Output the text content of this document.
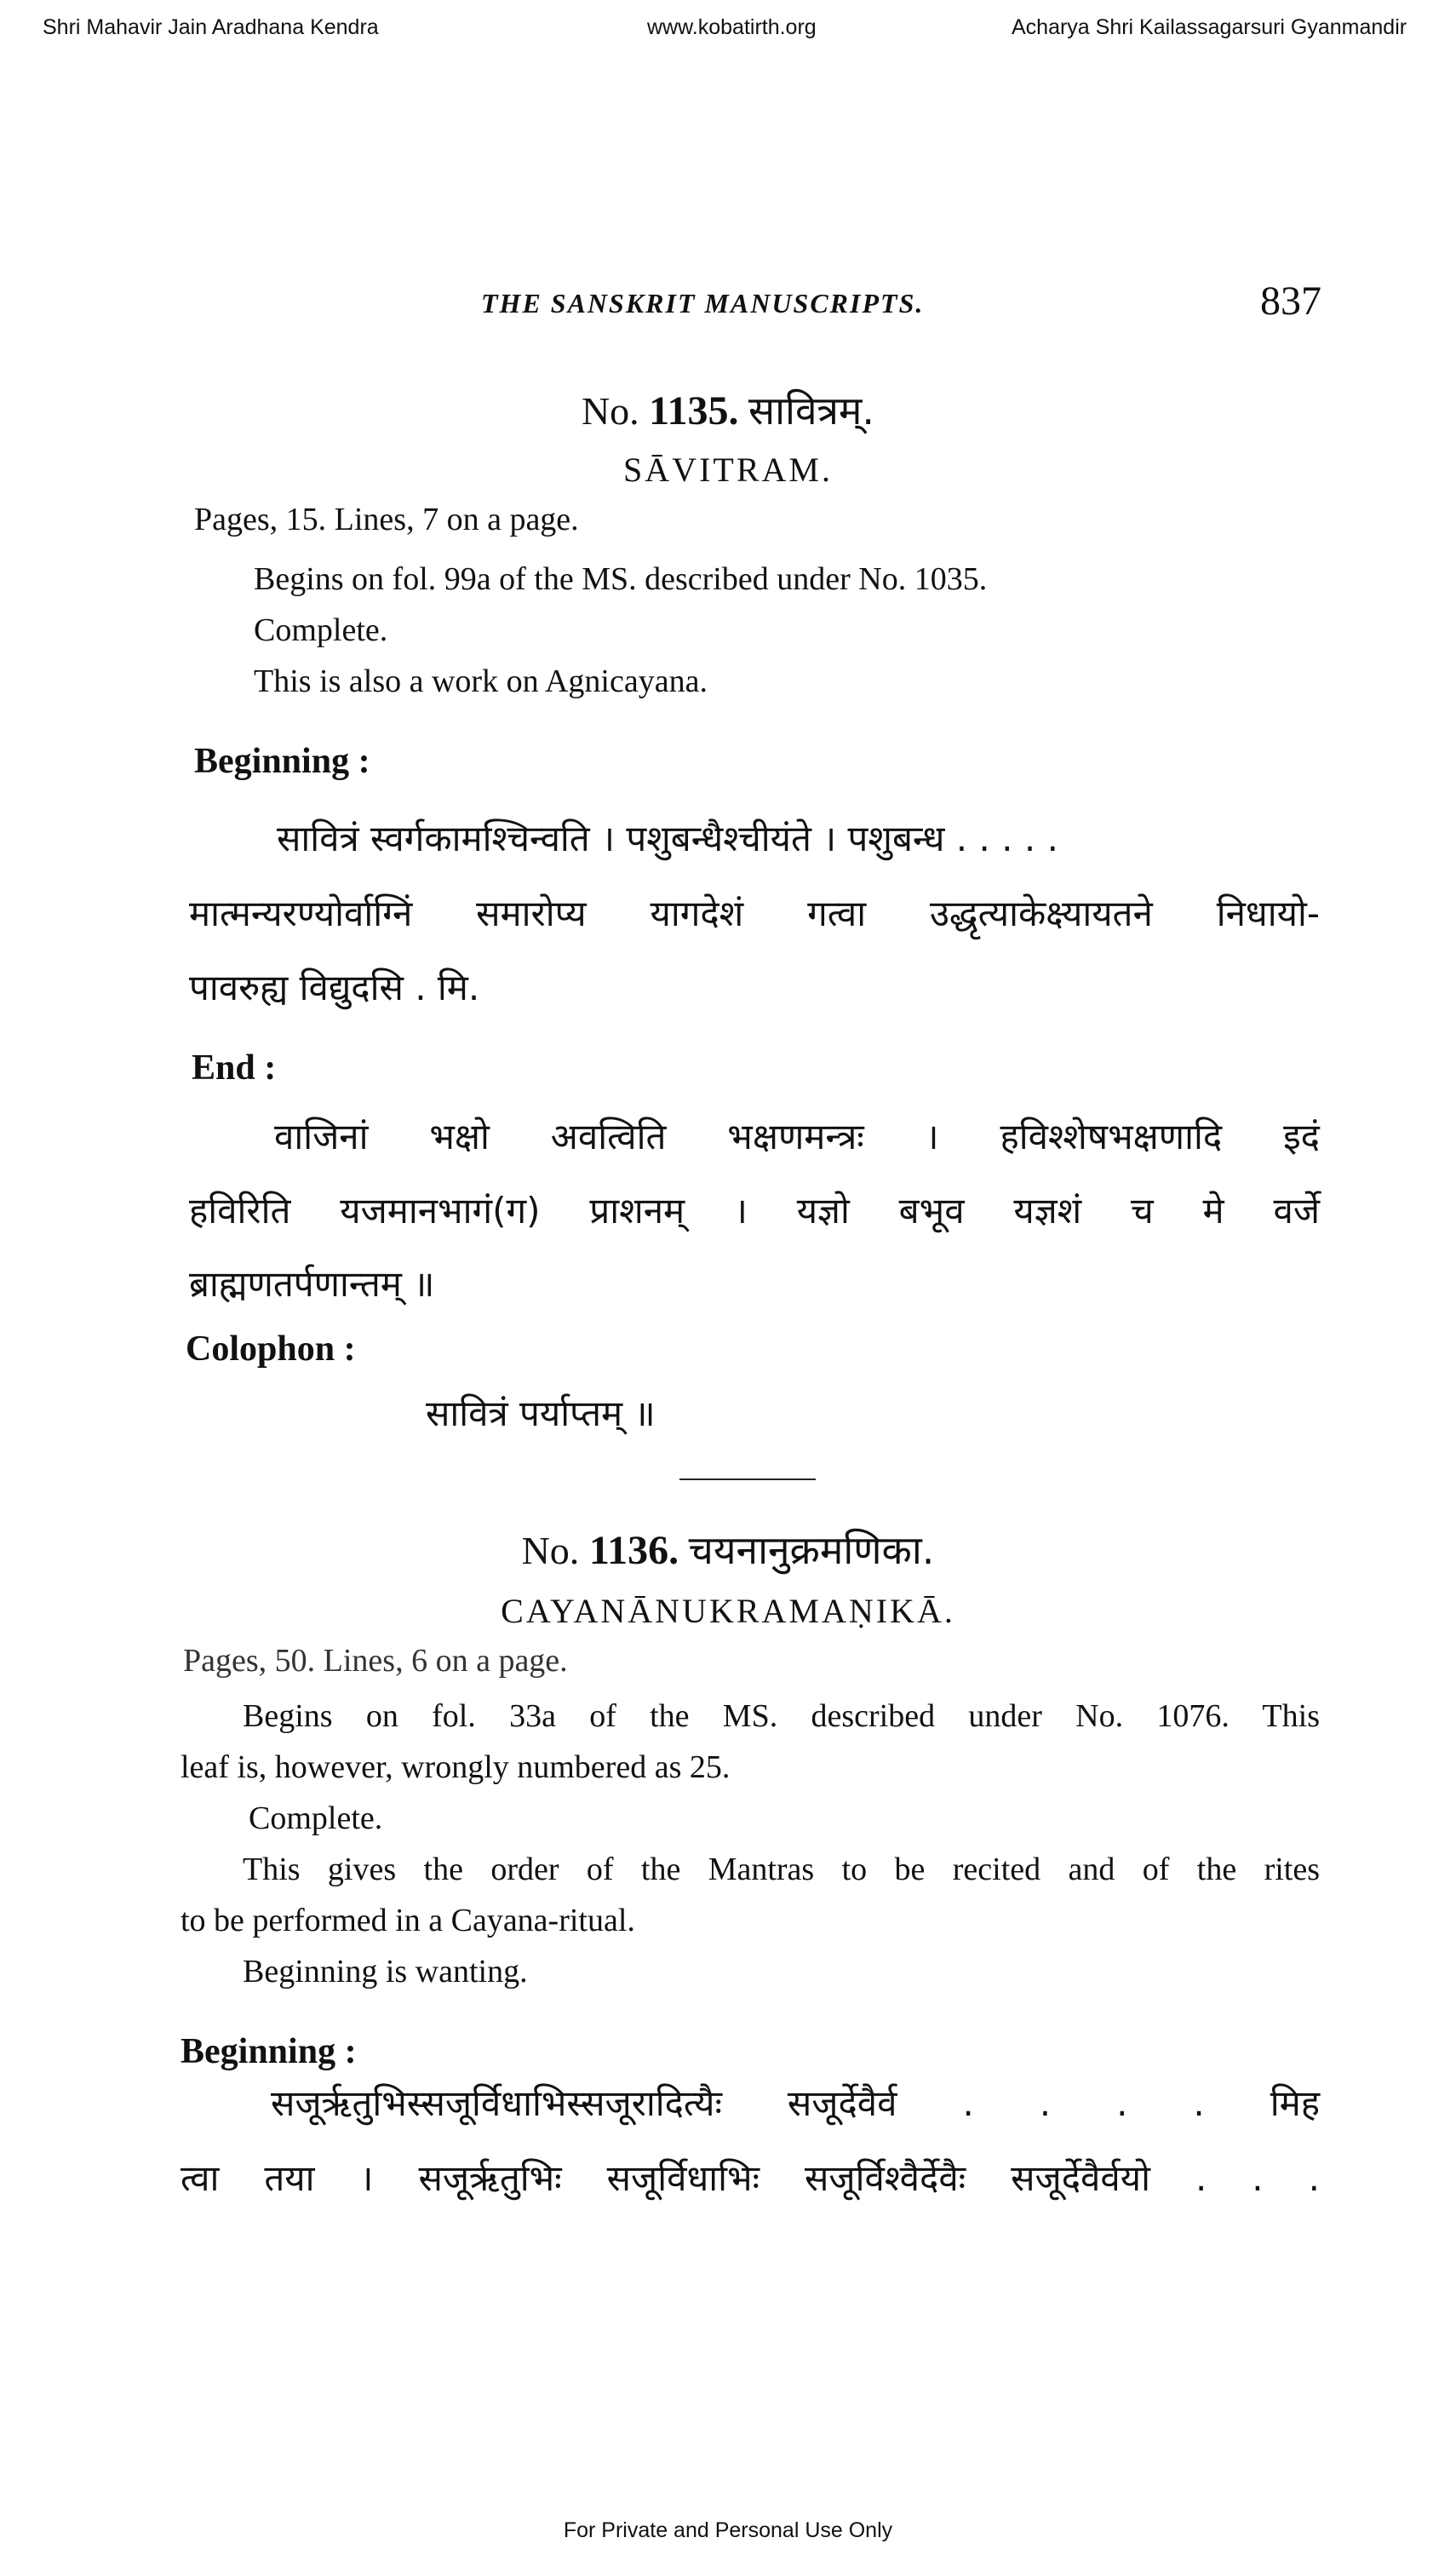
Shri Mahavir Jain Aradhana Kendra	www.kobatirth.org	Acharya Shri Kailassagarsuri Gyanmandir
THE SANSKRIT MANUSCRIPTS.	837
No. 1135. सावित्रम्.
SĀVITRAM.
Pages, 15. Lines, 7 on a page.
Begins on fol. 99a of the MS. described under No. 1035.
Complete.
This is also a work on Agnicayana.
Beginning :
सावित्रं स्वर्गकामश्चिन्वति । पशुबन्धैश्चीयंते । पशुबन्ध . . . . .
मात्मन्यरण्योर्वाग्निं समारोप्य यागदेशं गत्वा उद्धृत्याकेक्ष्यायतने निधायो-
पावरुह्य विद्युदसि . मि.
End :
वाजिनां भक्षो अवत्विति भक्षणमन्त्रः । हविश्शेषभक्षणादि इदं
हविरिति यजमानभागं(ग) प्राशनम् । यज्ञो बभूव यज्ञशं च मे वर्जे
ब्राह्मणतर्पणान्तम् ॥
Colophon :
सावित्रं पर्याप्तम् ॥
No. 1136. चयनानुक्रमणिका.
CAYANĀNUKRAMAṆIKĀ.
Pages, 50. Lines, 6 on a page.
Begins on fol. 33a of the MS. described under No. 1076. This
leaf is, however, wrongly numbered as 25.
Complete.
This gives the order of the Mantras to be recited and of the rites
to be performed in a Cayana-ritual.
Beginning is wanting.
Beginning :
सजूर्ऋतुभिस्सजूर्विधाभिस्सजूरादित्यैः सजूर्देवैर्व . . . . मिह
त्वा तया । सजूर्ऋतुभिः सजूर्विधाभिः सजूर्विश्वैर्देवैः सजूर्देवैर्वयो . . .
For Private and Personal Use Only
